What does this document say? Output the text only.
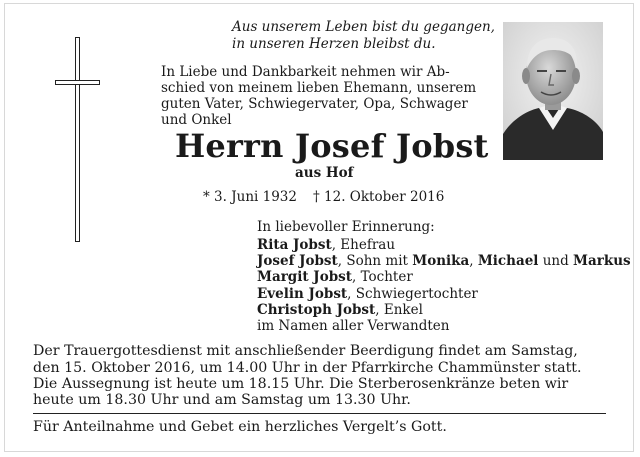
Aus unserem Leben bist du gegangen,
in unseren Herzen bleibst du.
In Liebe und Dankbarkeit nehmen wir Ab-
schied von meinem lieben Ehemann, unserem
guten Vater, Schwiegervater, Opa, Schwager
und Onkel
Herrn Josef Jobst
aus Hof
* 3. Juni 1932 † 12. Oktober 2016
In liebevoller Erinnerung:
Rita Jobst, Ehefrau
Josef Jobst, Sohn mit Monika, Michael und Markus
Margit Jobst, Tochter
Evelin Jobst, Schwiegertochter
Christoph Jobst, Enkel
im Namen aller Verwandten
Der Trauergottesdienst mit anschließender Beerdigung findet am Samstag,
den 15. Oktober 2016, um 14.00 Uhr in der Pfarrkirche Chammünster statt.
Die Aussegnung ist heute um 18.15 Uhr. Die Sterberosenkränze beten wir
heute um 18.30 Uhr und am Samstag um 13.30 Uhr.
Für Anteilnahme und Gebet ein herzliches Vergelt’s Gott.
